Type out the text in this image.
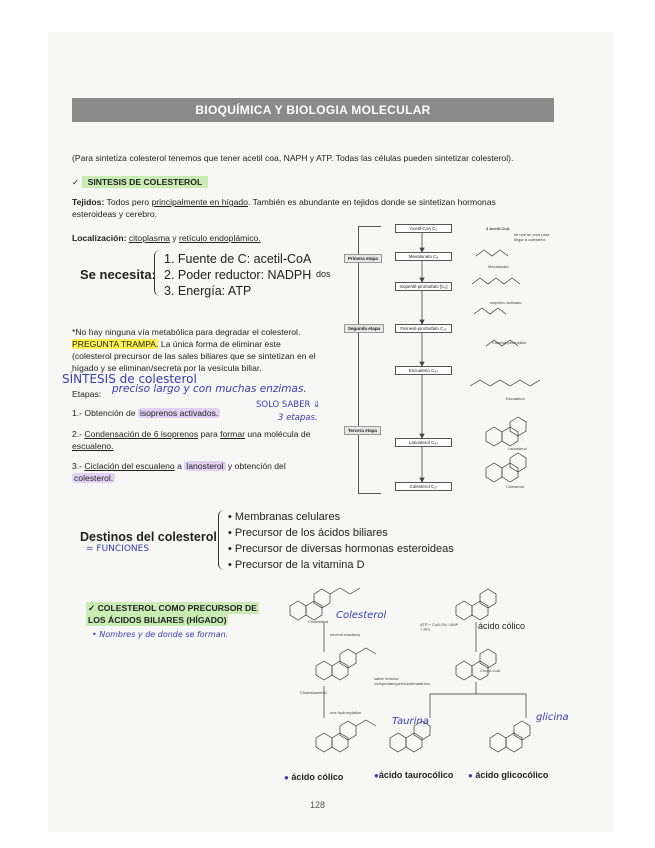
BIOQUÍMICA Y BIOLOGIA MOLECULAR
(Para sintetiza colesterol tenemos que tener acetil coa, NAPH y ATP. Todas las células pueden sintetizar colesterol).
✓ SINTESIS DE COLESTEROL
Tejidos: Todos pero principalmente en hígado. También es abundante en tejidos donde se sintetizan hormonas esteroideas y cerebro.
Localización: citoplasma y retículo endoplámico.
Se necesita:
1. Fuente de C: acetil-CoA
2. Poder reductor: NADPH
3. Energía: ATP
dos
*No hay ninguna vía metabólica para degradar el colesterol.
PREGUNTA TRAMPA. La única forma de eliminar este
(colesterol precursor de las sales biliares que se sintetizan en el
hígado y se eliminan/secreta por la vesícula biliar.
SÍNTESIS de colesterol
Etapas: preciso largo y con muchas enzimas.
SOLO SABER ⇓
3 etapas.
1.- Obtención de isoprenos activados.
2.- Condensación de 6 isoprenos para formar una molécula de
escualeno.
3.- Ciclación del escualeno a lanosterol y obtención del
colesterol.
Primera etapa
Segunda etapa
Tercera etapa
Acetil-CoA C₂
Mevalonato C₆
Isopentil-pirofosfato [C₅]
Farnesil-pirofosfato C₁₅
Escualeno C₃₀
Lanosterol C₃₀
Colesterol C₂₇
3 Acetil-CoA
se une se crea para llegar a colesterol
Mevalonato
Isopreno activado
Farnesil-pirofosfato
Escualeno
Lanosterol
Colesterol
Destinos del colesterol
= FUNCIONES
• Membranas celulares
• Precursor de los ácidos biliares
• Precursor de diversas hormonas esteroideas
• Precursor de la vitamina D
✓ COLESTEROL COMO PRECURSOR DE
LOS ÁCIDOS BILIARES (HÍGADO)
• Nombres y de donde se forman.
Cholesterol
Colesterol
several reactions
Cholestanetriol
saber formula ciclopentanoperhidrofenantreno
one hydroxylation
ATP + CoA-SH / AMP + PPi	ácido cólico
Cholyl-CoA
Taurina	glicina
● ácido cólico	●ácido taurocólico ● ácido glicocólico
128
